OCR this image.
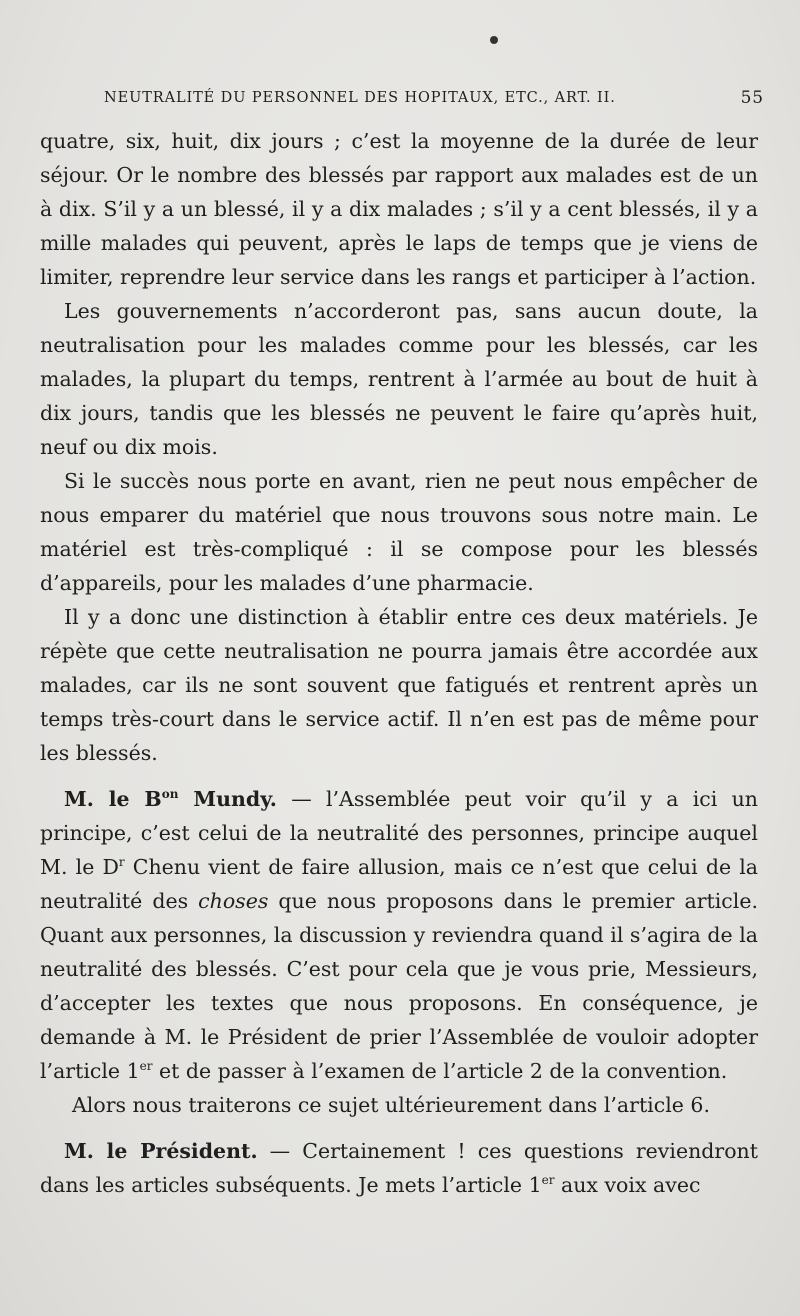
NEUTRALITÉ DU PERSONNEL DES HOPITAUX, ETC., ART. II.	55

quatre, six, huit, dix jours ; c’est la moyenne de la durée de leur séjour. Or le nombre des blessés par rapport aux malades est de un à dix. S’il y a un blessé, il y a dix malades ; s’il y a cent blessés, il y a mille malades qui peuvent, après le laps de temps que je viens de limiter, reprendre leur service dans les rangs et participer à l’action.

Les gouvernements n’accorderont pas, sans aucun doute, la neutralisation pour les malades comme pour les blessés, car les malades, la plupart du temps, rentrent à l’armée au bout de huit à dix jours, tandis que les blessés ne peuvent le faire qu’après huit, neuf ou dix mois.

Si le succès nous porte en avant, rien ne peut nous empêcher de nous emparer du matériel que nous trouvons sous notre main. Le matériel est très-compliqué : il se compose pour les blessés d’appareils, pour les malades d’une pharmacie.

Il y a donc une distinction à établir entre ces deux matériels. Je répète que cette neutralisation ne pourra jamais être accordée aux malades, car ils ne sont souvent que fatigués et rentrent après un temps très-court dans le service actif. Il n’en est pas de même pour les blessés.

M. le $B^{on}$ Mundy. — l’Assemblée peut voir qu’il y a ici un principe, c’est celui de la neutralité des personnes, principe auquel M. le $D^r$ Chenu vient de faire allusion, mais ce n’est que celui de la neutralité des choses que nous proposons dans le premier article. Quant aux personnes, la discussion y reviendra quand il s’agira de la neutralité des blessés. C’est pour cela que je vous prie, Messieurs, d’accepter les textes que nous proposons. En conséquence, je demande à M. le Président de prier l’Assemblée de vouloir adopter l’article 1er et de passer à l’examen de l’article 2 de la convention.

Alors nous traiterons ce sujet ultérieurement dans l’article 6.

M. le Président. — Certainement ! ces questions reviendront dans les articles subséquents. Je mets l’article 1er aux voix avec
